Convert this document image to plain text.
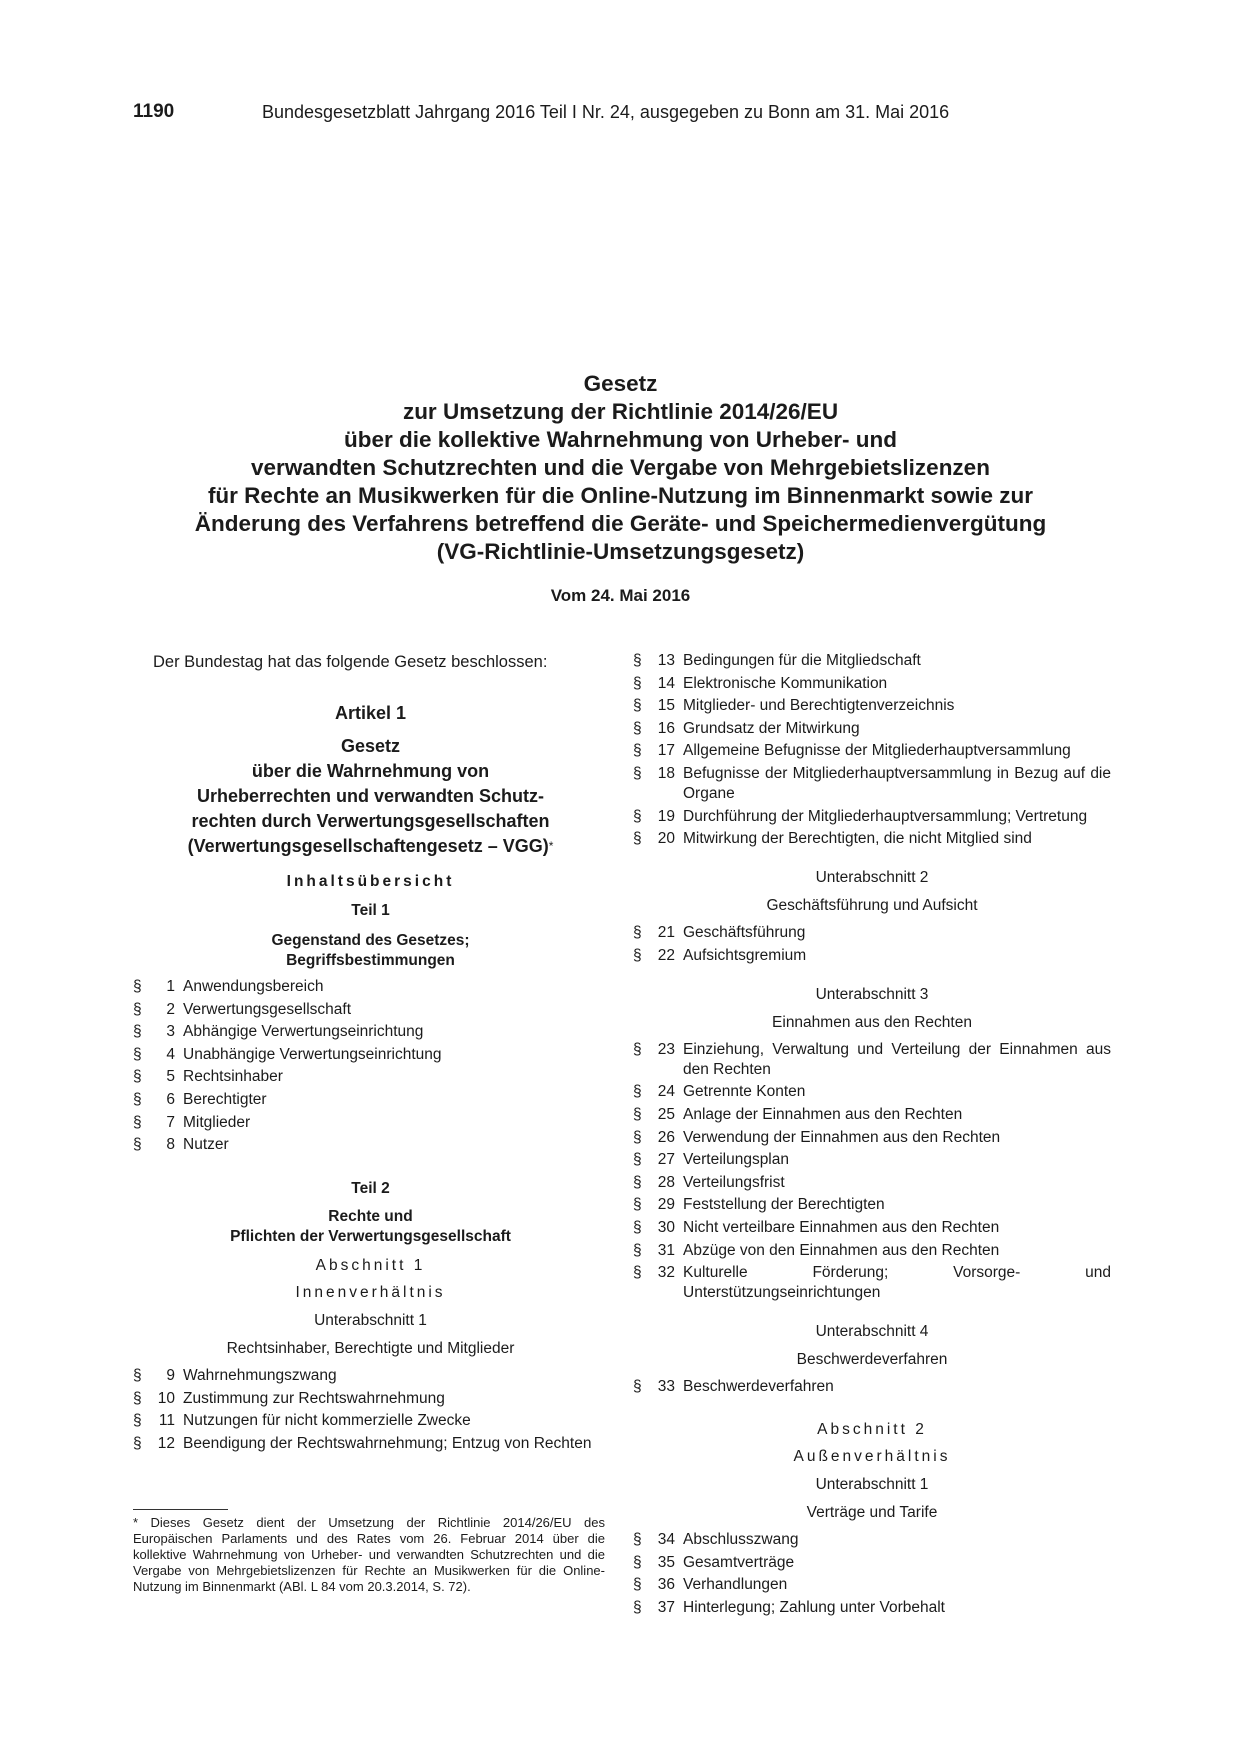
1190	Bundesgesetzblatt Jahrgang 2016 Teil I Nr. 24, ausgegeben zu Bonn am 31. Mai 2016
Gesetz
zur Umsetzung der Richtlinie 2014/26/EU
über die kollektive Wahrnehmung von Urheber- und
verwandten Schutzrechten und die Vergabe von Mehrgebietslizenzen
für Rechte an Musikwerken für die Online-Nutzung im Binnenmarkt sowie zur
Änderung des Verfahrens betreffend die Geräte- und Speichermedienvergütung
(VG-Richtlinie-Umsetzungsgesetz)
Vom 24. Mai 2016

Der Bundestag hat das folgende Gesetz beschlossen:

Artikel 1
Gesetz
über die Wahrnehmung von
Urheberrechten und verwandten Schutz-
rechten durch Verwertungsgesellschaften
(Verwertungsgesellschaftengesetz – VGG)*
Inhaltsübersicht
Teil 1
Gegenstand des Gesetzes;
Begriffsbestimmungen
§	1 Anwendungsbereich
§	2 Verwertungsgesellschaft
§	3 Abhängige Verwertungseinrichtung
§	4 Unabhängige Verwertungseinrichtung
§	5 Rechtsinhaber
§	6 Berechtigter
§	7 Mitglieder
§	8 Nutzer
Teil 2
Rechte und
Pflichten der Verwertungsgesellschaft
Abschnitt 1
Innenverhältnis
Unterabschnitt 1
Rechtsinhaber, Berechtigte und Mitglieder
§	9 Wahrnehmungszwang
§	10 Zustimmung zur Rechtswahrnehmung
§	11 Nutzungen für nicht kommerzielle Zwecke
§	12 Beendigung der Rechtswahrnehmung; Entzug von Rechten
* Dieses Gesetz dient der Umsetzung der Richtlinie 2014/26/EU des Europäischen Parlaments und des Rates vom 26. Februar 2014 über die kollektive Wahrnehmung von Urheber- und verwandten Schutzrechten und die Vergabe von Mehrgebietslizenzen für Rechte an Musikwerken für die Online-Nutzung im Binnenmarkt (ABl. L 84 vom 20.3.2014, S. 72).
§	13 Bedingungen für die Mitgliedschaft
§	14 Elektronische Kommunikation
§	15 Mitglieder- und Berechtigtenverzeichnis
§	16 Grundsatz der Mitwirkung
§	17 Allgemeine Befugnisse der Mitgliederhauptversammlung
§	18 Befugnisse der Mitgliederhauptversammlung in Bezug auf die Organe
§	19 Durchführung der Mitgliederhauptversammlung; Vertretung
§	20 Mitwirkung der Berechtigten, die nicht Mitglied sind
Unterabschnitt 2
Geschäftsführung und Aufsicht
§	21 Geschäftsführung
§	22 Aufsichtsgremium
Unterabschnitt 3
Einnahmen aus den Rechten
§	23 Einziehung, Verwaltung und Verteilung der Einnahmen aus den Rechten
§	24 Getrennte Konten
§	25 Anlage der Einnahmen aus den Rechten
§	26 Verwendung der Einnahmen aus den Rechten
§	27 Verteilungsplan
§	28 Verteilungsfrist
§	29 Feststellung der Berechtigten
§	30 Nicht verteilbare Einnahmen aus den Rechten
§	31 Abzüge von den Einnahmen aus den Rechten
§	32 Kulturelle Förderung; Vorsorge- und Unterstützungseinrichtungen
Unterabschnitt 4
Beschwerdeverfahren
§	33 Beschwerdeverfahren
Abschnitt 2
Außenverhältnis
Unterabschnitt 1
Verträge und Tarife
§	34 Abschlusszwang
§	35 Gesamtverträge
§	36 Verhandlungen
§	37 Hinterlegung; Zahlung unter Vorbehalt
